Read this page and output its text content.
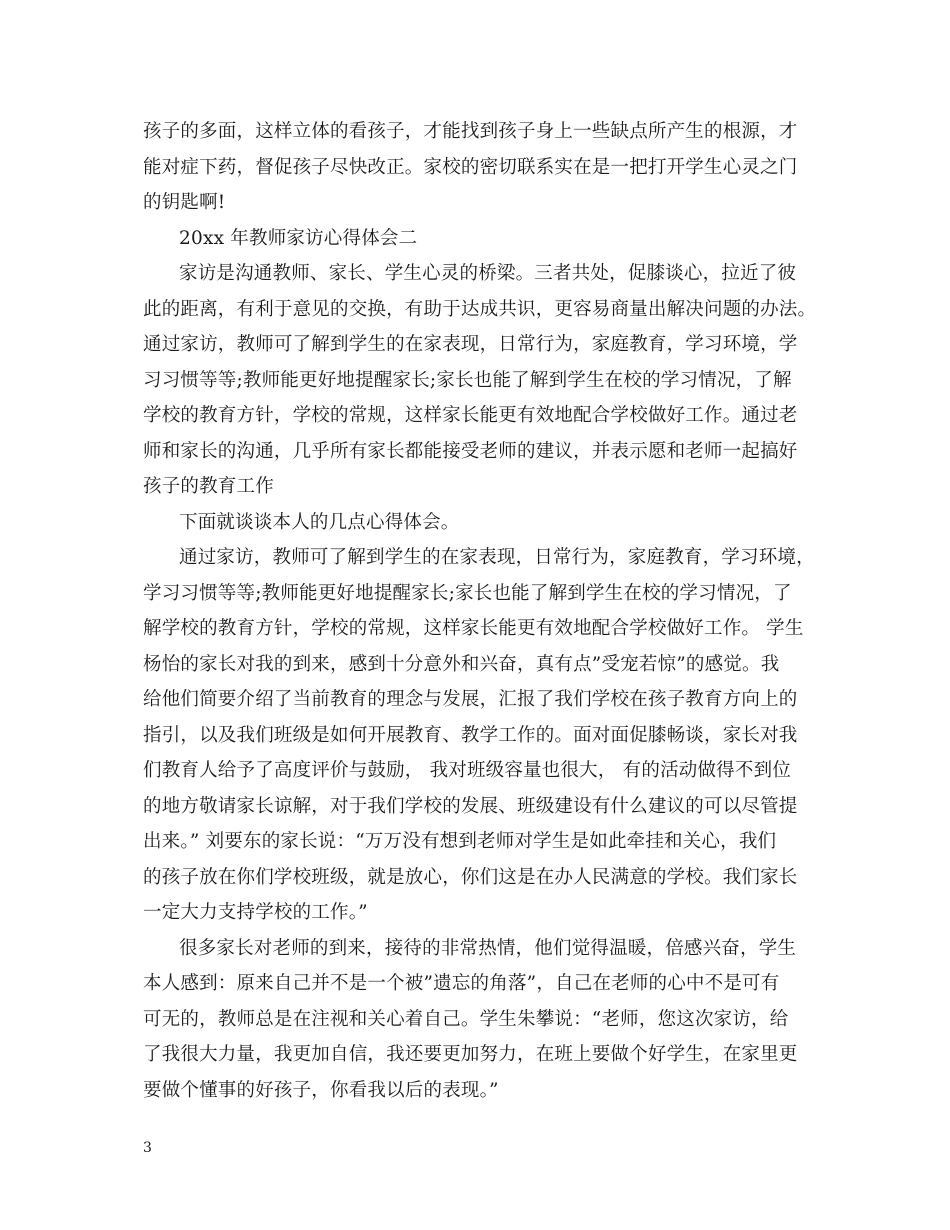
孩子的多面，这样立体的看孩子，才能找到孩子身上一些缺点所产生的根源，才
能对症下药，督促孩子尽快改正。家校的密切联系实在是一把打开学生心灵之门
的钥匙啊!
20xx 年教师家访心得体会二
家访是沟通教师、家长、学生心灵的桥梁。三者共处，促膝谈心，拉近了彼
此的距离，有利于意见的交换，有助于达成共识，更容易商量出解决问题的办法。
通过家访，教师可了解到学生的在家表现，日常行为，家庭教育，学习环境，学
习习惯等等;教师能更好地提醒家长;家长也能了解到学生在校的学习情况，了解
学校的教育方针，学校的常规，这样家长能更有效地配合学校做好工作。通过老
师和家长的沟通，几乎所有家长都能接受老师的建议，并表示愿和老师一起搞好
孩子的教育工作
下面就谈谈本人的几点心得体会。
通过家访，教师可了解到学生的在家表现，日常行为，家庭教育，学习环境，
学习习惯等等;教师能更好地提醒家长;家长也能了解到学生在校的学习情况，了
解学校的教育方针，学校的常规，这样家长能更有效地配合学校做好工作。 学生
杨怡的家长对我的到来，感到十分意外和兴奋，真有点”受宠若惊”的感觉。我
给他们简要介绍了当前教育的理念与发展，汇报了我们学校在孩子教育方向上的
指引，以及我们班级是如何开展教育、教学工作的。面对面促膝畅谈，家长对我
们教育人给予了高度评价与鼓励， 我对班级容量也很大， 有的活动做得不到位
的地方敬请家长谅解，对于我们学校的发展、班级建设有什么建议的可以尽管提
出来。” 刘要东的家长说：“万万没有想到老师对学生是如此牵挂和关心，我们
的孩子放在你们学校班级，就是放心，你们这是在办人民满意的学校。我们家长
一定大力支持学校的工作。”
很多家长对老师的到来，接待的非常热情，他们觉得温暖，倍感兴奋，学生
本人感到：原来自己并不是一个被”遗忘的角落”，自己在老师的心中不是可有
可无的，教师总是在注视和关心着自己。学生朱攀说：“老师，您这次家访，给
了我很大力量，我更加自信，我还要更加努力，在班上要做个好学生，在家里更
要做个懂事的好孩子，你看我以后的表现。”
3
